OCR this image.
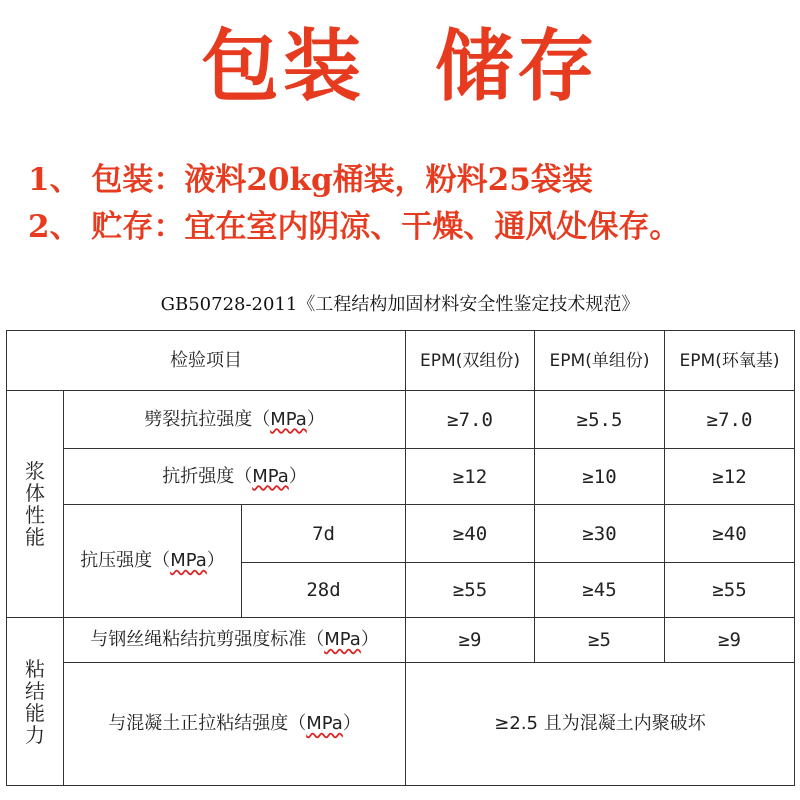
包装 储存
1、 包装：液料20kg桶装，粉料25袋装
2、 贮存：宜在室内阴凉、干燥、通风处保存。
GB50728-2011《工程结构加固材料安全性鉴定技术规范》
检验项目			EPM(双组份)	EPM(单组份)	EPM(环氧基)

浆
体
性
能	劈裂抗拉强度（MPa）		≥7.0	≥5.5	≥7.0
	抗折强度（MPa）		≥12	≥10	≥12
	抗压强度（MPa）	7d	≥40	≥30	≥40
		28d	≥55	≥45	≥55

粘
结
能
力	与钢丝绳粘结抗剪强度标准（MPa）		≥9	≥5	≥9
	与混凝土正拉粘结强度（MPa）		≥2.5 且为混凝土内聚破坏		
